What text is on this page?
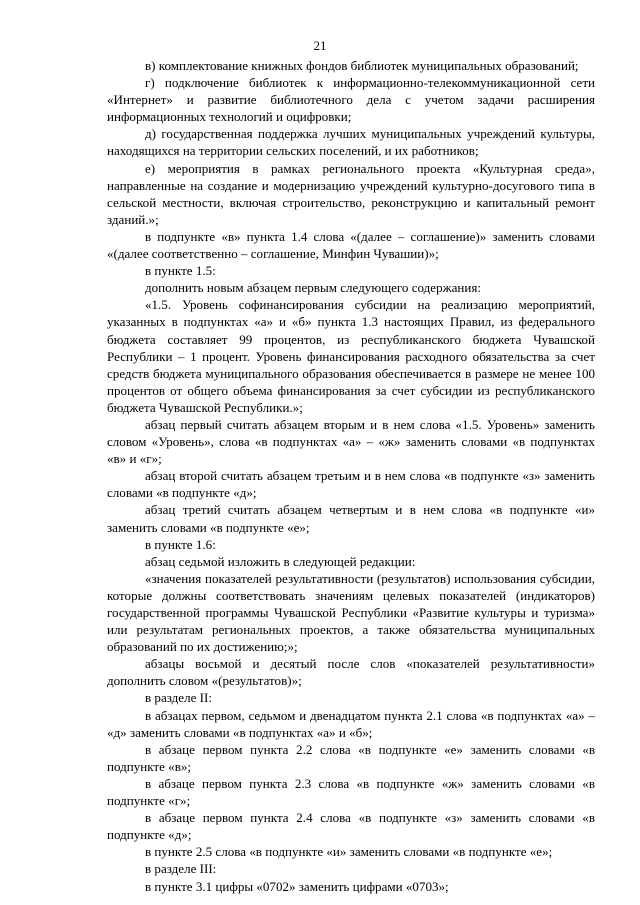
21

в) комплектование книжных фондов библиотек муниципальных образований;

г) подключение библиотек к информационно-телекоммуникационной сети «Интернет» и развитие библиотечного дела с учетом задачи расширения информационных технологий и оцифровки;

д) государственная поддержка лучших муниципальных учреждений культуры, находящихся на территории сельских поселений, и их работников;

е) мероприятия в рамках регионального проекта «Культурная среда», направленные на создание и модернизацию учреждений культурно-досугового типа в сельской местности, включая строительство, реконструкцию и капитальный ремонт зданий.»;

в подпункте «в» пункта 1.4 слова «(далее – соглашение)» заменить словами «(далее соответственно – соглашение, Минфин Чувашии)»;

в пункте 1.5:

дополнить новым абзацем первым следующего содержания:

«1.5. Уровень софинансирования субсидии на реализацию мероприятий, указанных в подпунктах «а» и «б» пункта 1.3 настоящих Правил, из федерального бюджета составляет 99 процентов, из республиканского бюджета Чувашской Республики – 1 процент. Уровень финансирования расходного обязательства за счет средств бюджета муниципального образования обеспечивается в размере не менее 100 процентов от общего объема финансирования за счет субсидии из республиканского бюджета Чувашской Республики.»;

абзац первый считать абзацем вторым и в нем слова «1.5. Уровень» заменить словом «Уровень», слова «в подпунктах «а» – «ж» заменить словами «в подпунктах «в» и «г»;

абзац второй считать абзацем третьим и в нем слова «в подпункте «з» заменить словами «в подпункте «д»;

абзац третий считать абзацем четвертым и в нем слова «в подпункте «и» заменить словами «в подпункте «е»;

в пункте 1.6:

абзац седьмой изложить в следующей редакции:

«значения показателей результативности (результатов) использования субсидии, которые должны соответствовать значениям целевых показателей (индикаторов) государственной программы Чувашской Республики «Развитие культуры и туризма» или результатам региональных проектов, а также обязательства муниципальных образований по их достижению;»;

абзацы восьмой и десятый после слов «показателей результативности» дополнить словом «(результатов)»;

в разделе II:

в абзацах первом, седьмом и двенадцатом пункта 2.1 слова «в подпунктах «а» – «д» заменить словами «в подпунктах «а» и «б»;

в абзаце первом пункта 2.2 слова «в подпункте «е» заменить словами «в подпункте «в»;

в абзаце первом пункта 2.3 слова «в подпункте «ж» заменить словами «в подпункте «г»;

в абзаце первом пункта 2.4 слова «в подпункте «з» заменить словами «в подпункте «д»;

в пункте 2.5 слова «в подпункте «и» заменить словами «в подпункте «е»;

в разделе III:

в пункте 3.1 цифры «0702» заменить цифрами «0703»;
